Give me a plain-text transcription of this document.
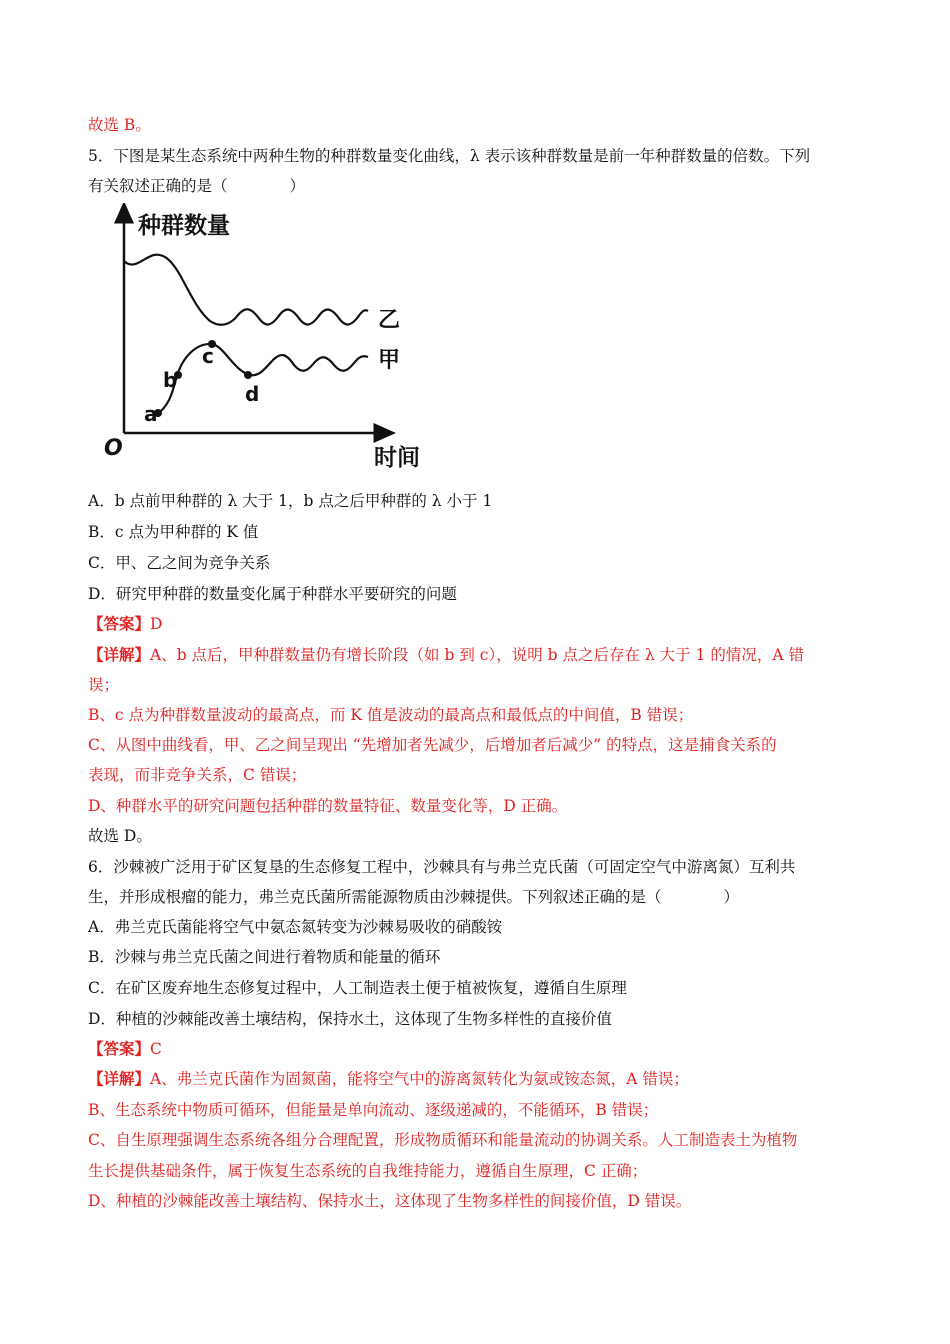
故选 B。

5．下图是某生态系统中两种生物的种群数量变化曲线，λ 表示该种群数量是前一年种群数量的倍数。下列

有关叙述正确的是（　　　　）

种群数量
时间
O
乙
甲
a
b
c
d

A．b 点前甲种群的 λ 大于 1，b 点之后甲种群的 λ 小于 1

B．c 点为甲种群的 K 值

C．甲、乙之间为竞争关系

D．研究甲种群的数量变化属于种群水平要研究的问题

【答案】D

【详解】A、b 点后，甲种群数量仍有增长阶段（如 b 到 c），说明 b 点之后存在 λ 大于 1 的情况，A 错

误；

B、c 点为种群数量波动的最高点，而 K 值是波动的最高点和最低点的中间值，B 错误；

C、从图中曲线看，甲、乙之间呈现出 “先增加者先减少，后增加者后减少” 的特点，这是捕食关系的

表现，而非竞争关系，C 错误；

D、种群水平的研究问题包括种群的数量特征、数量变化等，D 正确。

故选 D。

6．沙棘被广泛用于矿区复垦的生态修复工程中，沙棘具有与弗兰克氏菌（可固定空气中游离氮）互利共

生，并形成根瘤的能力，弗兰克氏菌所需能源物质由沙棘提供。下列叙述正确的是（　　　　）

A．弗兰克氏菌能将空气中氨态氮转变为沙棘易吸收的硝酸铵

B．沙棘与弗兰克氏菌之间进行着物质和能量的循环

C．在矿区废弃地生态修复过程中，人工制造表土便于植被恢复，遵循自生原理

D．种植的沙棘能改善土壤结构，保持水土，这体现了生物多样性的直接价值

【答案】C

【详解】A、弗兰克氏菌作为固氮菌，能将空气中的游离氮转化为氨或铵态氮，A 错误；

B、生态系统中物质可循环，但能量是单向流动、逐级递减的，不能循环，B 错误；

C、自生原理强调生态系统各组分合理配置，形成物质循环和能量流动的协调关系。人工制造表土为植物

生长提供基础条件，属于恢复生态系统的自我维持能力，遵循自生原理，C 正确；

D、种植的沙棘能改善土壤结构、保持水土，这体现了生物多样性的间接价值，D 错误。
